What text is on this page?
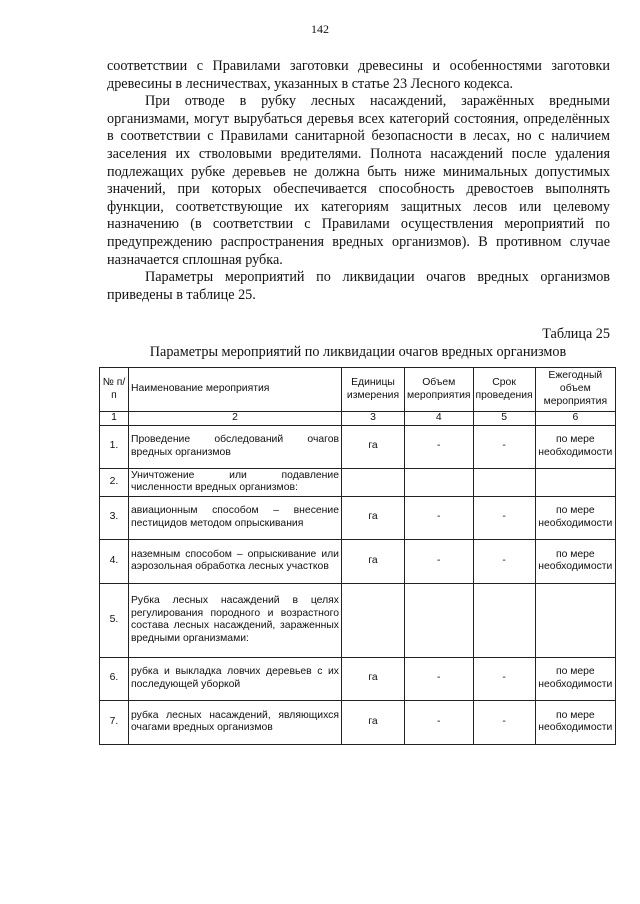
142

соответствии с Правилами заготовки древесины и особенностями заготовки древесины в лесничествах, указанных в статье 23 Лесного кодекса.

При отводе в рубку лесных насаждений, заражённых вредными организмами, могут вырубаться деревья всех категорий состояния, определённых в соответствии с Правилами санитарной безопасности в лесах, но с наличием заселения их стволовыми вредителями. Полнота насаждений после удаления подлежащих рубке деревьев не должна быть ниже минимальных допустимых значений, при которых обеспечивается способность древостоев выполнять функции, соответствующие их категориям защитных лесов или целевому назначению (в соответствии с Правилами осуществления мероприятий по предупреждению распространения вредных организмов). В противном случае назначается сплошная рубка.

Параметры мероприятий по ликвидации очагов вредных организмов приведены в таблице 25.

Таблица 25
Параметры мероприятий по ликвидации очагов вредных организмов
№ п/п	Наименование мероприятия	Единицы измерения	Объем мероприятия	Срок проведения	Ежегодный объем мероприятия
1	2	3	4	5	6
1.	Проведение обследований очагов вредных организмов	га	-	-	по мере необходимости
2.	Уничтожение или подавление численности вредных организмов:				
3.	авиационным способом – внесение пестицидов методом опрыскивания	га	-	-	по мере необходимости
4.	наземным способом – опрыскивание или аэрозольная обработка лесных участков	га	-	-	по мере необходимости
5.	Рубка лесных насаждений в целях регулирования породного и возрастного состава лесных насаждений, зараженных вредными организмами:				
6.	рубка и выкладка ловчих деревьев с их последующей уборкой	га	-	-	по мере необходимости
7.	рубка лесных насаждений, являющихся очагами вредных организмов	га	-	-	по мере необходимости
